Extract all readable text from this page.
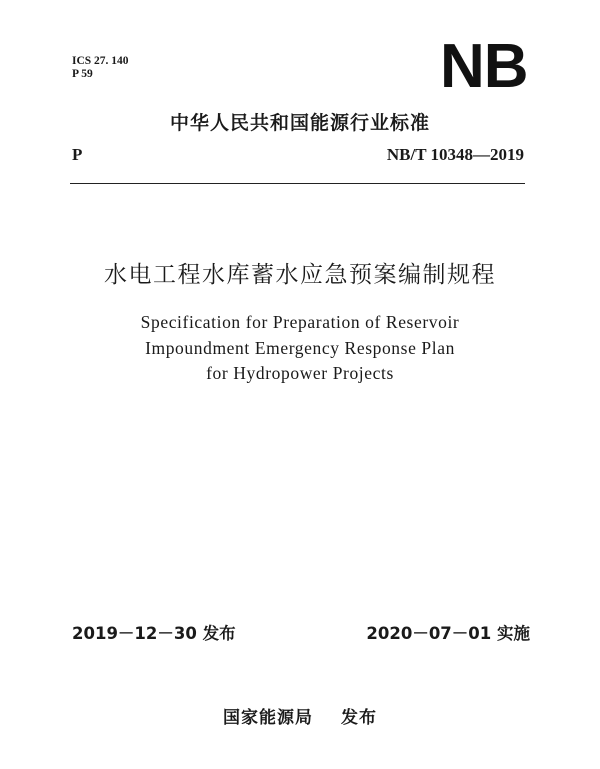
ICS 27. 140
P 59	NB
中华人民共和国能源行业标准
P	NB/T 10348—2019
水电工程水库蓄水应急预案编制规程
Specification for Preparation of Reservoir
Impoundment Emergency Response Plan
for Hydropower Projects
2019－12－30 发布	2020－07－01 实施
国家能源局 发布
